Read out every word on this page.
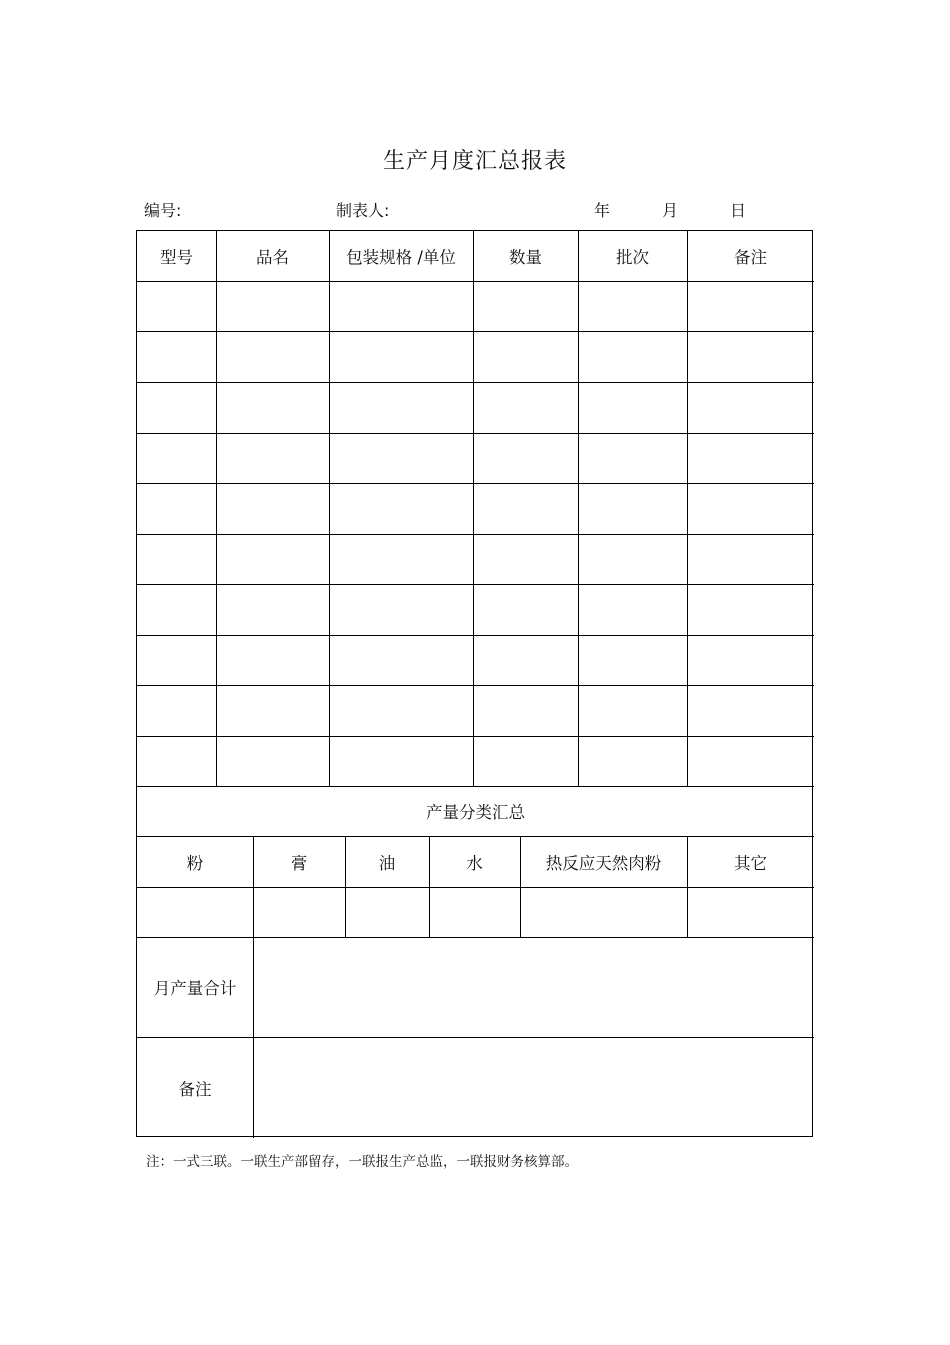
生产月度汇总报表
编号:	制表人:	年	月	日
型号	品名	包装规格 /单位	数量	批次	备注
产量分类汇总
粉	膏	油	水	热反应天然肉粉	其它
月产量合计
备注
注：一式三联。一联生产部留存，一联报生产总监，一联报财务核算部。
